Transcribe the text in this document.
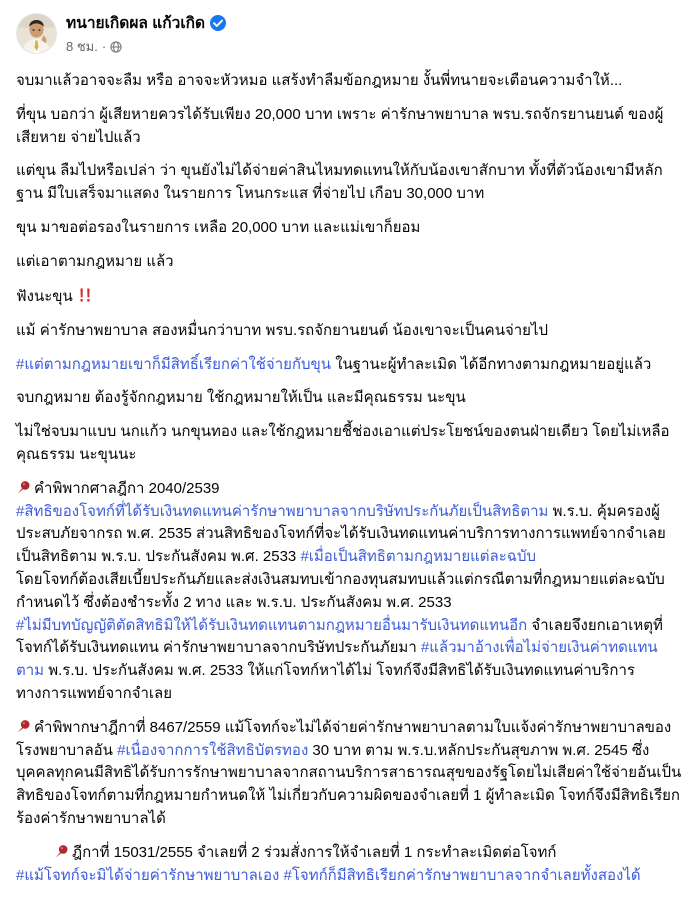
ทนายเกิดผล แก้วเกิด
8 ชม. ·

จบมาแล้วอาจจะลืม หรือ อาจจะหัวหมอ แสร้งทำลืมข้อกฎหมาย งั้นพี่ทนายจะเตือนความจำให้...

ที่ขุน บอกว่า ผู้เสียหายควรได้รับเพียง 20,000 บาท เพราะ ค่ารักษาพยาบาล พรบ.รถจักรยานยนต์ ของผู้เสียหาย จ่ายไปแล้ว

แต่ขุน ลืมไปหรือเปล่า ว่า ขุนยังไม่ได้จ่ายค่าสินไหมทดแทนให้กับน้องเขาสักบาท ทั้งที่ตัวน้องเขามีหลักฐาน มีใบเสร็จมาแสดง ในรายการ โหนกระแส ที่จ่ายไป เกือบ 30,000 บาท

ขุน มาขอต่อรองในรายการ เหลือ 20,000 บาท และแม่เขาก็ยอม

แต่เอาตามกฎหมาย แล้ว

ฟังนะขุน !!

แม้ ค่ารักษาพยาบาล สองหมื่นกว่าบาท พรบ.รถจักยานยนต์ น้องเขาจะเป็นคนจ่ายไป

#แต่ตามกฎหมายเขาก็มีสิทธิ์เรียกค่าใช้จ่ายกับขุน ในฐานะผู้ทำละเมิด ได้อีกทางตามกฎหมายอยู่แล้ว

จบกฎหมาย ต้องรู้จักกฎหมาย ใช้กฎหมายให้เป็น และมีคุณธรรม นะขุน

ไม่ใช่จบมาแบบ นกแก้ว นกขุนทอง และใช้กฎหมายชี้ช่องเอาแต่ประโยชน์ของตนฝ่ายเดียว โดยไม่เหลือคุณธรรม นะขุนนะ

คำพิพากศาลฎีกา 2040/2539
#สิทธิของโจทก์ที่ได้รับเงินทดแทนค่ารักษาพยาบาลจากบริษัทประกันภัยเป็นสิทธิตาม พ.ร.บ. คุ้มครองผู้ประสบภัยจากรถ พ.ศ. 2535 ส่วนสิทธิของโจทก์ที่จะได้รับเงินทดแทนค่าบริการทางการแพทย์จากจำเลยเป็นสิทธิตาม พ.ร.บ. ประกันสังคม พ.ศ. 2533 #เมื่อเป็นสิทธิตามกฎหมายแต่ละฉบับ
โดยโจทก์ต้องเสียเบี้ยประกันภัยและส่งเงินสมทบเข้ากองทุนสมทบแล้วแต่กรณีตามที่กฎหมายแต่ละฉบับกำหนดไว้ ซึ่งต้องชำระทั้ง 2 ทาง และ พ.ร.บ. ประกันสังคม พ.ศ. 2533
#ไม่มีบทบัญญัติตัดสิทธิมิให้ได้รับเงินทดแทนตามกฎหมายอื่นมารับเงินทดแทนอีก จำเลยจึงยกเอาเหตุที่โจทก์ได้รับเงินทดแทน ค่ารักษาพยาบาลจากบริษัทประกันภัยมา #แล้วมาอ้างเพื่อไม่จ่ายเงินค่าทดแทนตาม พ.ร.บ. ประกันสังคม พ.ศ. 2533 ให้แก่โจทก์หาได้ไม่ โจทก์จึงมีสิทธิได้รับเงินทดแทนค่าบริการทางการแพทย์จากจำเลย

คำพิพากษาฎีกาที่ 8467/2559 แม้โจทก์จะไม่ได้จ่ายค่ารักษาพยาบาลตามใบแจ้งค่ารักษาพยาบาลของโรงพยาบาลอัน #เนื่องจากการใช้สิทธิบัตรทอง 30 บาท ตาม พ.ร.บ.หลักประกันสุขภาพ พ.ศ. 2545 ซึ่งบุคคลทุกคนมีสิทธิได้รับการรักษาพยาบาลจากสถานบริการสาธารณสุขของรัฐโดยไม่เสียค่าใช้จ่ายอันเป็นสิทธิของโจทก์ตามที่กฎหมายกำหนดให้ ไม่เกี่ยวกับความผิดของจำเลยที่ 1 ผู้ทำละเมิด โจทก์จึงมีสิทธิเรียกร้องค่ารักษาพยาบาลได้

ฎีกาที่ 15031/2555 จำเลยที่ 2 ร่วมสั่งการให้จำเลยที่ 1 กระทำละเมิดต่อโจทก์
#แม้โจทก์จะมิได้จ่ายค่ารักษาพยาบาลเอง #โจทก์ก็มีสิทธิเรียกค่ารักษาพยาบาลจากจำเลยทั้งสองได้
